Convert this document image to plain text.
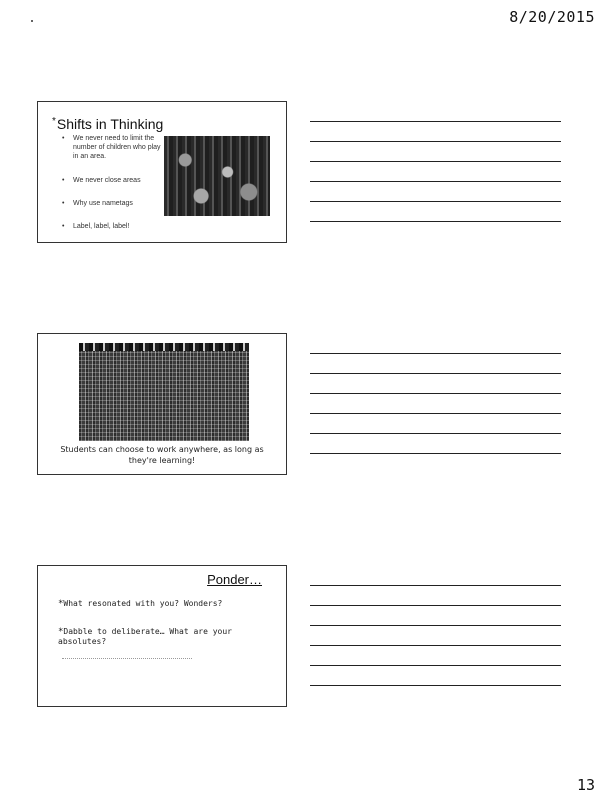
8/20/2015
*Shifts in Thinking
• We never need to limit the number of children who play in an area.
• We never close areas
• Why use nametags
• Label, label, label!
Students can choose to work anywhere, as long as they're learning!
Ponder…
*What resonated with you? Wonders?
*Dabble to deliberate… What are your absolutes?
13
